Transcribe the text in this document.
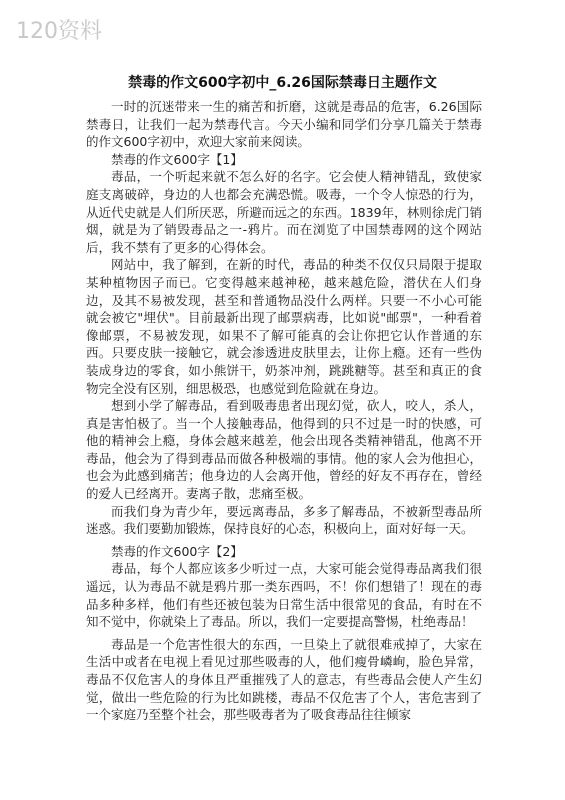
120资料
禁毒的作文600字初中_6.26国际禁毒日主题作文

一时的沉迷带来一生的痛苦和折磨，这就是毒品的危害，6.26国际禁毒日，让我们一起为禁毒代言。今天小编和同学们分享几篇关于禁毒的作文600字初中，欢迎大家前来阅读。

禁毒的作文600字【1】

毒品，一个听起来就不怎么好的名字。它会使人精神错乱，致使家庭支离破碎，身边的人也都会充满恐慌。吸毒，一个令人惊恐的行为，从近代史就是人们所厌恶，所避而远之的东西。1839年，林则徐虎门销烟，就是为了销毁毒品之一-鸦片。而在浏览了中国禁毒网的这个网站后，我不禁有了更多的心得体会。

网站中，我了解到，在新的时代，毒品的种类不仅仅只局限于提取某种植物因子而已。它变得越来越神秘，越来越危险，潜伏在人们身边，及其不易被发现，甚至和普通物品没什么两样。只要一不小心可能就会被它"埋伏"。目前最新出现了邮票病毒，比如说"邮票"，一种看着像邮票，不易被发现，如果不了解可能真的会让你把它认作普通的东西。只要皮肤一接触它，就会渗透进皮肤里去，让你上瘾。还有一些伪装成身边的零食，如小熊饼干，奶茶冲剂，跳跳糖等。甚至和真正的食物完全没有区别，细思极恐，也感觉到危险就在身边。

想到小学了解毒品，看到吸毒患者出现幻觉，砍人，咬人，杀人，真是害怕极了。当一个人接触毒品，他得到的只不过是一时的快感，可他的精神会上瘾，身体会越来越差，他会出现各类精神错乱，他离不开毒品，他会为了得到毒品而做各种极端的事情。他的家人会为他担心，也会为此感到痛苦；他身边的人会离开他，曾经的好友不再存在，曾经的爱人已经离开。妻离子散，悲痛至极。

而我们身为青少年，要远离毒品，多多了解毒品，不被新型毒品所迷惑。我们要勤加锻炼，保持良好的心态，积极向上，面对好每一天。

禁毒的作文600字【2】

毒品，每个人都应该多少听过一点，大家可能会觉得毒品离我们很遥远，认为毒品不就是鸦片那一类东西吗，不！你们想错了！现在的毒品多种多样，他们有些还被包装为日常生活中很常见的食品，有时在不知不觉中，你就染上了毒品。所以，我们一定要提高警惕，杜绝毒品！

毒品是一个危害性很大的东西，一旦染上了就很难戒掉了，大家在生活中或者在电视上看见过那些吸毒的人，他们瘦骨嶙峋，脸色异常，毒品不仅危害人的身体且严重摧残了人的意志，有些毒品会使人产生幻觉，做出一些危险的行为比如跳楼，毒品不仅危害了个人，害危害到了一个家庭乃至整个社会，那些吸毒者为了吸食毒品往往倾家
